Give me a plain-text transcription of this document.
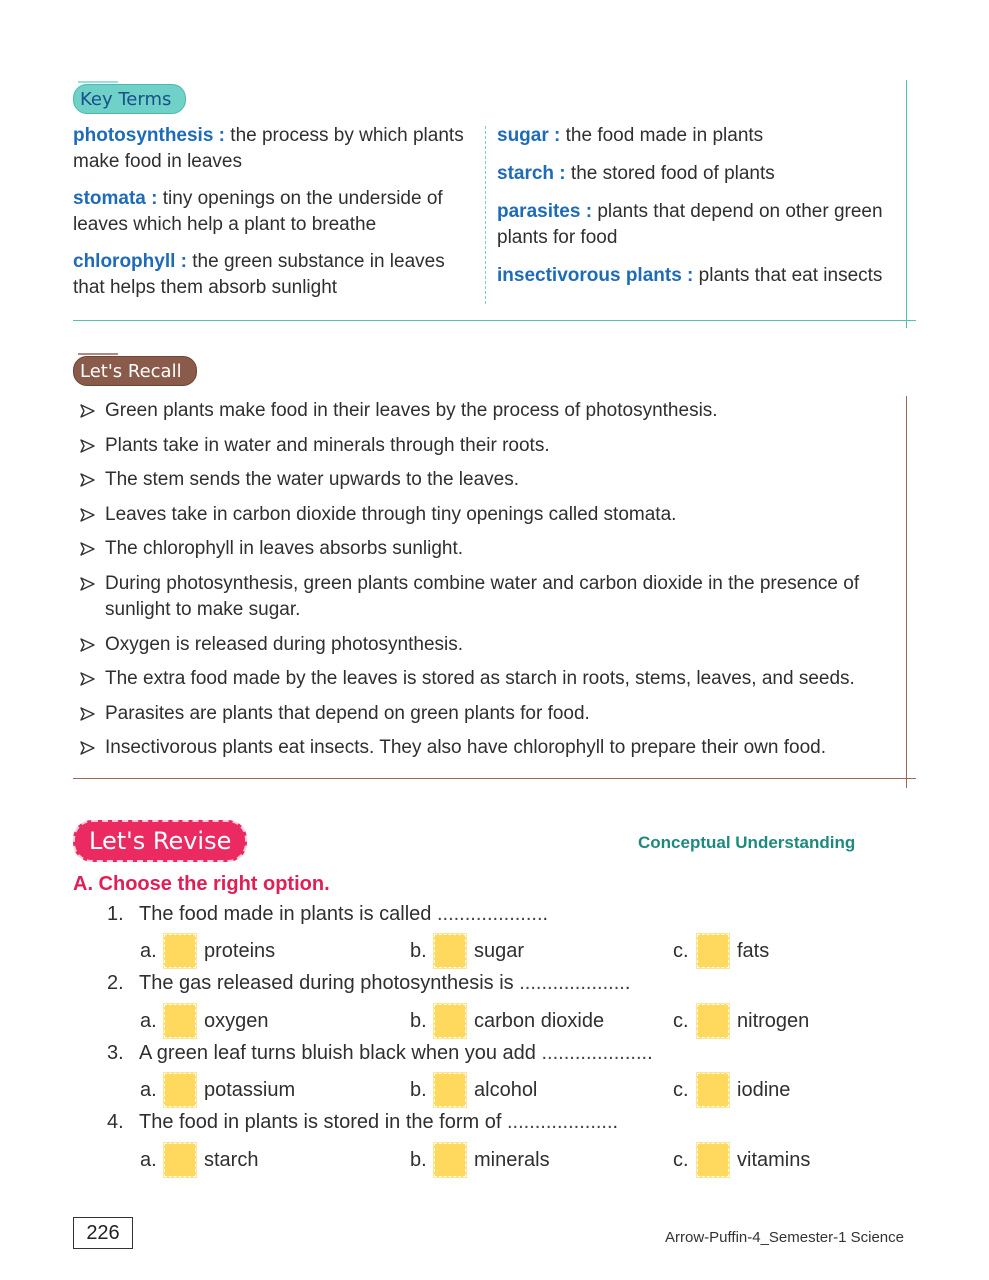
Key Terms
photosynthesis : the process by which plants make food in leaves
stomata : tiny openings on the underside of leaves which help a plant to breathe
chlorophyll : the green substance in leaves that helps them absorb sunlight
sugar : the food made in plants
starch : the stored food of plants
parasites : plants that depend on other green plants for food
insectivorous plants : plants that eat insects
Let's Recall
Green plants make food in their leaves by the process of photosynthesis.
Plants take in water and minerals through their roots.
The stem sends the water upwards to the leaves.
Leaves take in carbon dioxide through tiny openings called stomata.
The chlorophyll in leaves absorbs sunlight.
During photosynthesis, green plants combine water and carbon dioxide in the presence of sunlight to make sugar.
Oxygen is released during photosynthesis.
The extra food made by the leaves is stored as starch in roots, stems, leaves, and seeds.
Parasites are plants that depend on green plants for food.
Insectivorous plants eat insects. They also have chlorophyll to prepare their own food.
Let's Revise	Conceptual Understanding
A. Choose the right option.
1. The food made in plants is called ....................
a. proteins	b. sugar	c.	fats
2. The gas released during photosynthesis is ....................
a. oxygen	b. carbon dioxide	c.	nitrogen
3. A green leaf turns bluish black when you add ....................
a. potassium	b. alcohol	c.	iodine
4. The food in plants is stored in the form of ....................
a. starch	b. minerals	c.	vitamins
226	Arrow-Puffin-4_Semester-1 Science
